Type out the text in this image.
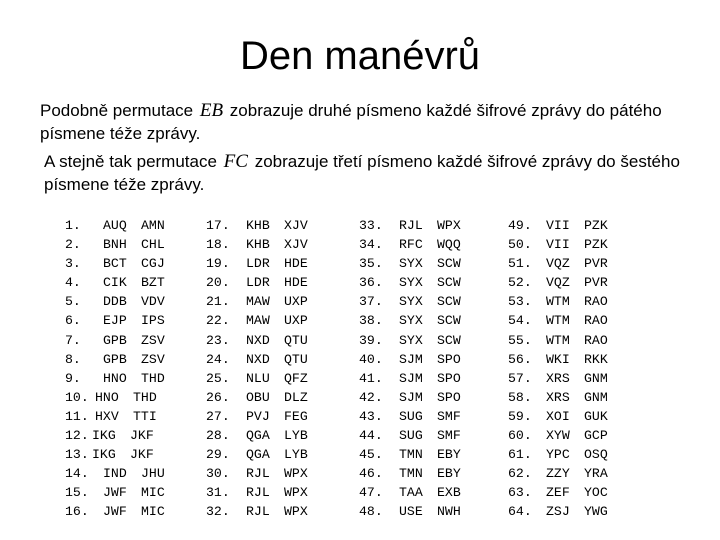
Den manévrů
Podobně permutace EB zobrazuje druhé písmeno každé šifrové zprávy do pátého písmene téže zprávy.
A stejně tak permutace FC zobrazuje třetí písmeno každé šifrové zprávy do šestého písmene téže zprávy.
1.	AUQ	AMN
2.	BNH	CHL
3.	BCT	CGJ
4.	CIK	BZT
5.	DDB	VDV
6.	EJP	IPS
7.	GPB	ZSV
8.	GPB	ZSV
9.	HNO	THD
10. HNO	THD
11. HXV	TTI
12. IKG	JKF
13. IKG	JKF
14.	IND	JHU
15.	JWF	MIC
16.	JWF	MIC
17.	KHB	XJV
18.	KHB	XJV
19.	LDR	HDE
20.	LDR	HDE
21.	MAW	UXP
22.	MAW	UXP
23.	NXD	QTU
24.	NXD	QTU
25.	NLU	QFZ
26.	OBU	DLZ
27.	PVJ	FEG
28.	QGA	LYB
29.	QGA	LYB
30.	RJL	WPX
31.	RJL	WPX
32.	RJL	WPX
33.	RJL	WPX
34.	RFC	WQQ
35.	SYX	SCW
36.	SYX	SCW
37.	SYX	SCW
38.	SYX	SCW
39.	SYX	SCW
40.	SJM	SPO
41.	SJM	SPO
42.	SJM	SPO
43.	SUG	SMF
44.	SUG	SMF
45.	TMN	EBY
46.	TMN	EBY
47.	TAA	EXB
48.	USE	NWH
49.	VII	PZK
50.	VII	PZK
51.	VQZ	PVR
52.	VQZ	PVR
53.	WTM	RAO
54.	WTM	RAO
55.	WTM	RAO
56.	WKI	RKK
57.	XRS	GNM
58.	XRS	GNM
59.	XOI	GUK
60.	XYW	GCP
61.	YPC	OSQ
62.	ZZY	YRA
63.	ZEF	YOC
64.	ZSJ	YWG
